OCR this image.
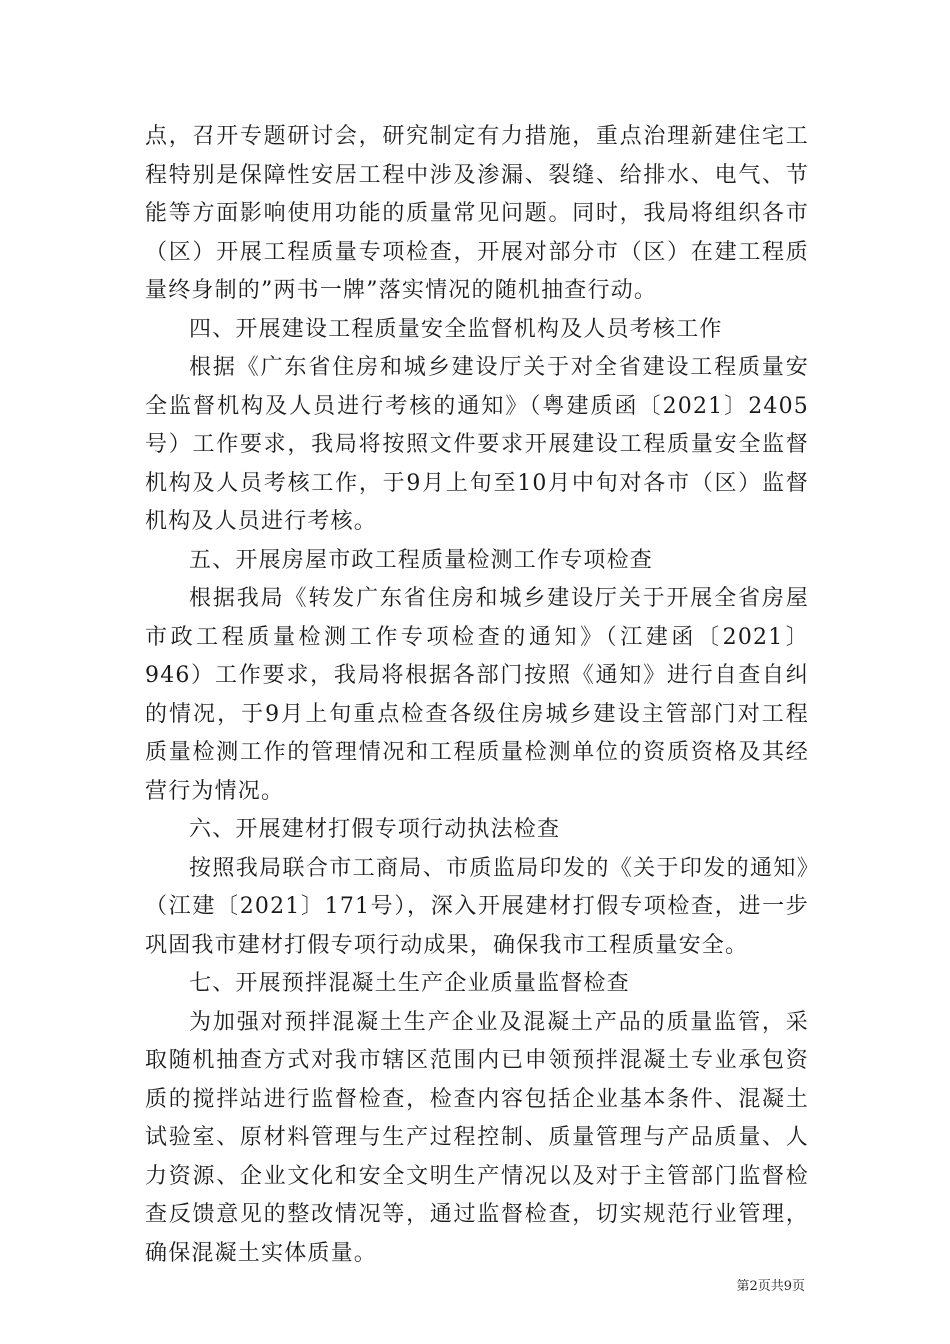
点，召开专题研讨会，研究制定有力措施，重点治理新建住宅工程特别是保障性安居工程中涉及渗漏、裂缝、给排水、电气、节能等方面影响使用功能的质量常见问题。同时，我局将组织各市（区）开展工程质量专项检查，开展对部分市（区）在建工程质量终身制的”两书一牌”落实情况的随机抽查行动。

四、开展建设工程质量安全监督机构及人员考核工作

根据《广东省住房和城乡建设厅关于对全省建设工程质量安全监督机构及人员进行考核的通知》（粤建质函〔2021〕2405号）工作要求，我局将按照文件要求开展建设工程质量安全监督机构及人员考核工作，于9月上旬至10月中旬对各市（区）监督机构及人员进行考核。

五、开展房屋市政工程质量检测工作专项检查

根据我局《转发广东省住房和城乡建设厅关于开展全省房屋市政工程质量检测工作专项检查的通知》（江建函〔2021〕946）工作要求，我局将根据各部门按照《通知》进行自查自纠的情况，于9月上旬重点检查各级住房城乡建设主管部门对工程质量检测工作的管理情况和工程质量检测单位的资质资格及其经营行为情况。

六、开展建材打假专项行动执法检查

按照我局联合市工商局、市质监局印发的《关于印发的通知》（江建〔2021〕171号），深入开展建材打假专项检查，进一步巩固我市建材打假专项行动成果，确保我市工程质量安全。

七、开展预拌混凝土生产企业质量监督检查

为加强对预拌混凝土生产企业及混凝土产品的质量监管，采取随机抽查方式对我市辖区范围内已申领预拌混凝土专业承包资质的搅拌站进行监督检查，检查内容包括企业基本条件、混凝土试验室、原材料管理与生产过程控制、质量管理与产品质量、人力资源、企业文化和安全文明生产情况以及对于主管部门监督检查反馈意见的整改情况等，通过监督检查，切实规范行业管理，确保混凝土实体质量。

第2页共9页
